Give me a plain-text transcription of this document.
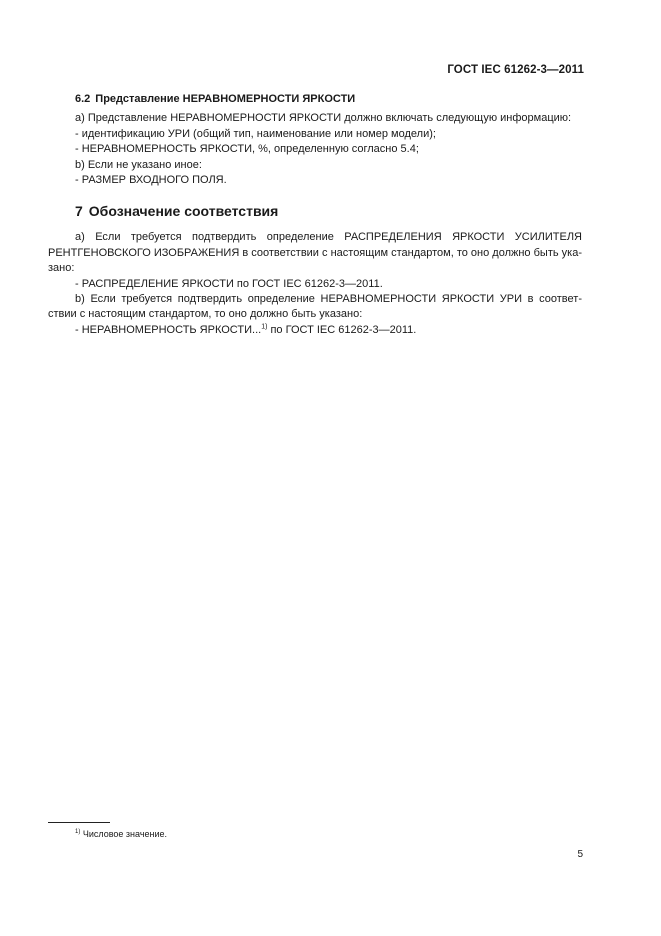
ГОСТ IEC 61262-3—2011
6.2 Представление НЕРАВНОМЕРНОСТИ ЯРКОСТИ

a) Представление НЕРАВНОМЕРНОСТИ ЯРКОСТИ должно включать следующую информацию:

- идентификацию УРИ (общий тип, наименование или номер модели);

- НЕРАВНОМЕРНОСТЬ ЯРКОСТИ, %, определенную согласно 5.4;

b) Если не указано иное:

- РАЗМЕР ВХОДНОГО ПОЛЯ.

7 Обозначение соответствия
a) Если требуется подтвердить определение РАСПРЕДЕЛЕНИЯ ЯРКОСТИ УСИЛИТЕЛЯ
РЕНТГЕНОВСКОГО ИЗОБРАЖЕНИЯ в соответствии с настоящим стандартом, то оно должно быть ука-
зано:

- РАСПРЕДЕЛЕНИЕ ЯРКОСТИ по ГОСТ IEC 61262-3—2011.

b) Если требуется подтвердить определение НЕРАВНОМЕРНОСТИ ЯРКОСТИ УРИ в соответ-
ствии с настоящим стандартом, то оно должно быть указано:

- НЕРАВНОМЕРНОСТЬ ЯРКОСТИ...$^{1)}$ по ГОСТ IEC 61262-3—2011.

$^{1)}$ Числовое значение.
5
